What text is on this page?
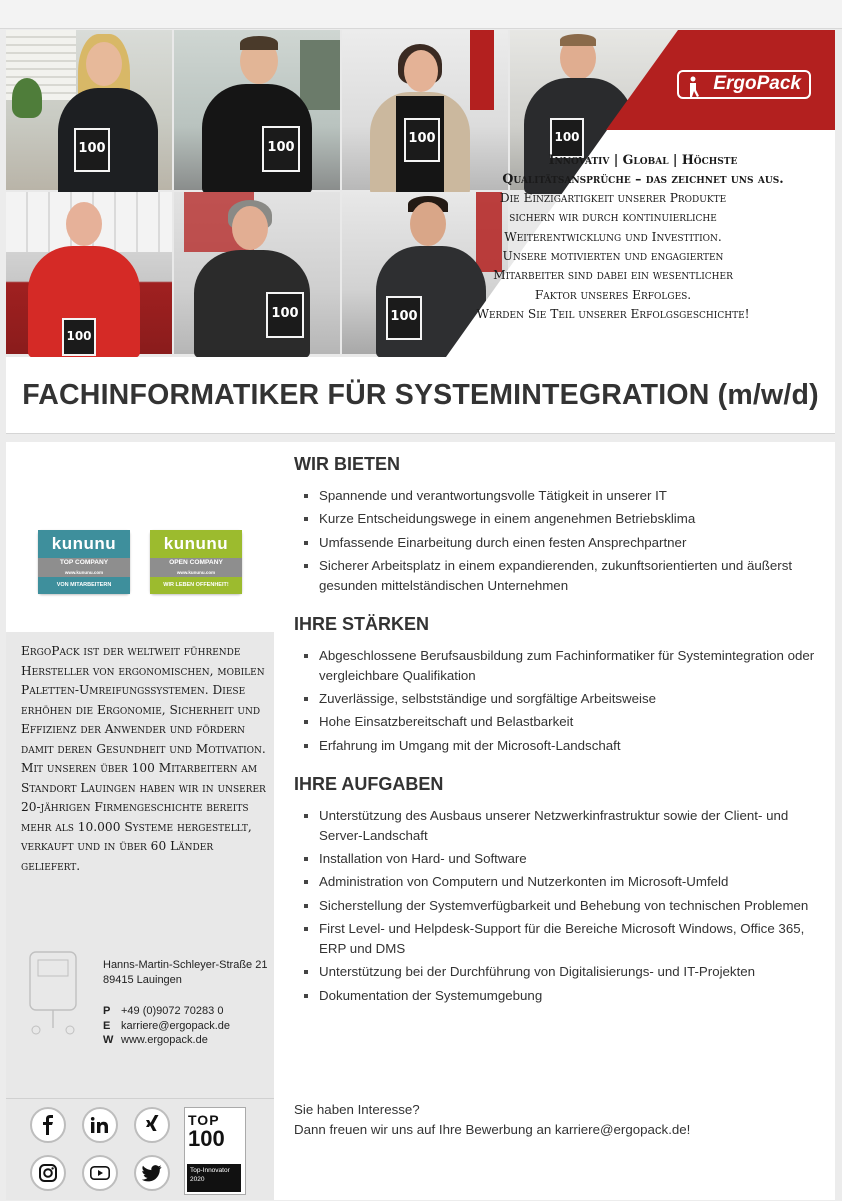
100	100
100	100
100
100	100
ErgoPack
Innovativ | Global | Höchste Qualitätsansprüche – das zeichnet uns aus.
Die Einzigartigkeit unserer Produkte
sichern wir durch kontinuierliche
Weiterentwicklung und Investition.
Unsere motivierten und engagierten
Mitarbeiter sind dabei ein wesentlicher
Faktor unseres Erfolges.
Werden Sie Teil unserer Erfolgsgeschichte!
FACHINFORMATIKER FÜR SYSTEMINTEGRATION (m/w/d)
kununu
TOP COMPANY
www.kununu.com
VON MITARBEITERN EMPFOHLEN!
kununu
OPEN COMPANY
www.kununu.com
WIR LEBEN OFFENHEIT!
ErgoPack ist der weltweit führende Hersteller von ergonomischen, mobilen Paletten-Umreifungssystemen. Diese erhöhen die Ergonomie, Sicherheit und Effizienz der Anwender und fördern damit deren Gesundheit und Motivation.
Mit unseren über 100 Mitarbeitern am Standort Lauingen haben wir in unserer 20-jährigen Firmengeschichte bereits mehr als 10.000 Systeme hergestellt, verkauft und in über 60 Länder geliefert.
Hanns-Martin-Schleyer-Straße 21
89415 Lauingen
P +49 (0)9072 70283 0
E karriere@ergopack.de
W www.ergopack.de
TOP
100
Top-Innovator
2020
WIR BIETEN
Spannende und verantwortungsvolle Tätigkeit in unserer IT
Kurze Entscheidungswege in einem angenehmen Betriebsklima
Umfassende Einarbeitung durch einen festen Ansprechpartner
Sicherer Arbeitsplatz in einem expandierenden, zukunftsorientierten und äußerst gesunden mittelständischen Unternehmen
IHRE STÄRKEN
Abgeschlossene Berufsausbildung zum Fachinformatiker für Systemintegration oder vergleichbare Qualifikation
Zuverlässige, selbstständige und sorgfältige Arbeitsweise
Hohe Einsatzbereitschaft und Belastbarkeit
Erfahrung im Umgang mit der Microsoft-Landschaft
IHRE AUFGABEN
Unterstützung des Ausbaus unserer Netzwerkinfrastruktur sowie der Client- und Server-Landschaft
Installation von Hard- und Software
Administration von Computern und Nutzerkonten im Microsoft-Umfeld
Sicherstellung der Systemverfügbarkeit und Behebung von technischen Problemen
First Level- und Helpdesk-Support für die Bereiche Microsoft Windows, Office 365, ERP und DMS
Unterstützung bei der Durchführung von Digitalisierungs- und IT-Projekten
Dokumentation der Systemumgebung
Sie haben Interesse?
Dann freuen wir uns auf Ihre Bewerbung an karriere@ergopack.de!
